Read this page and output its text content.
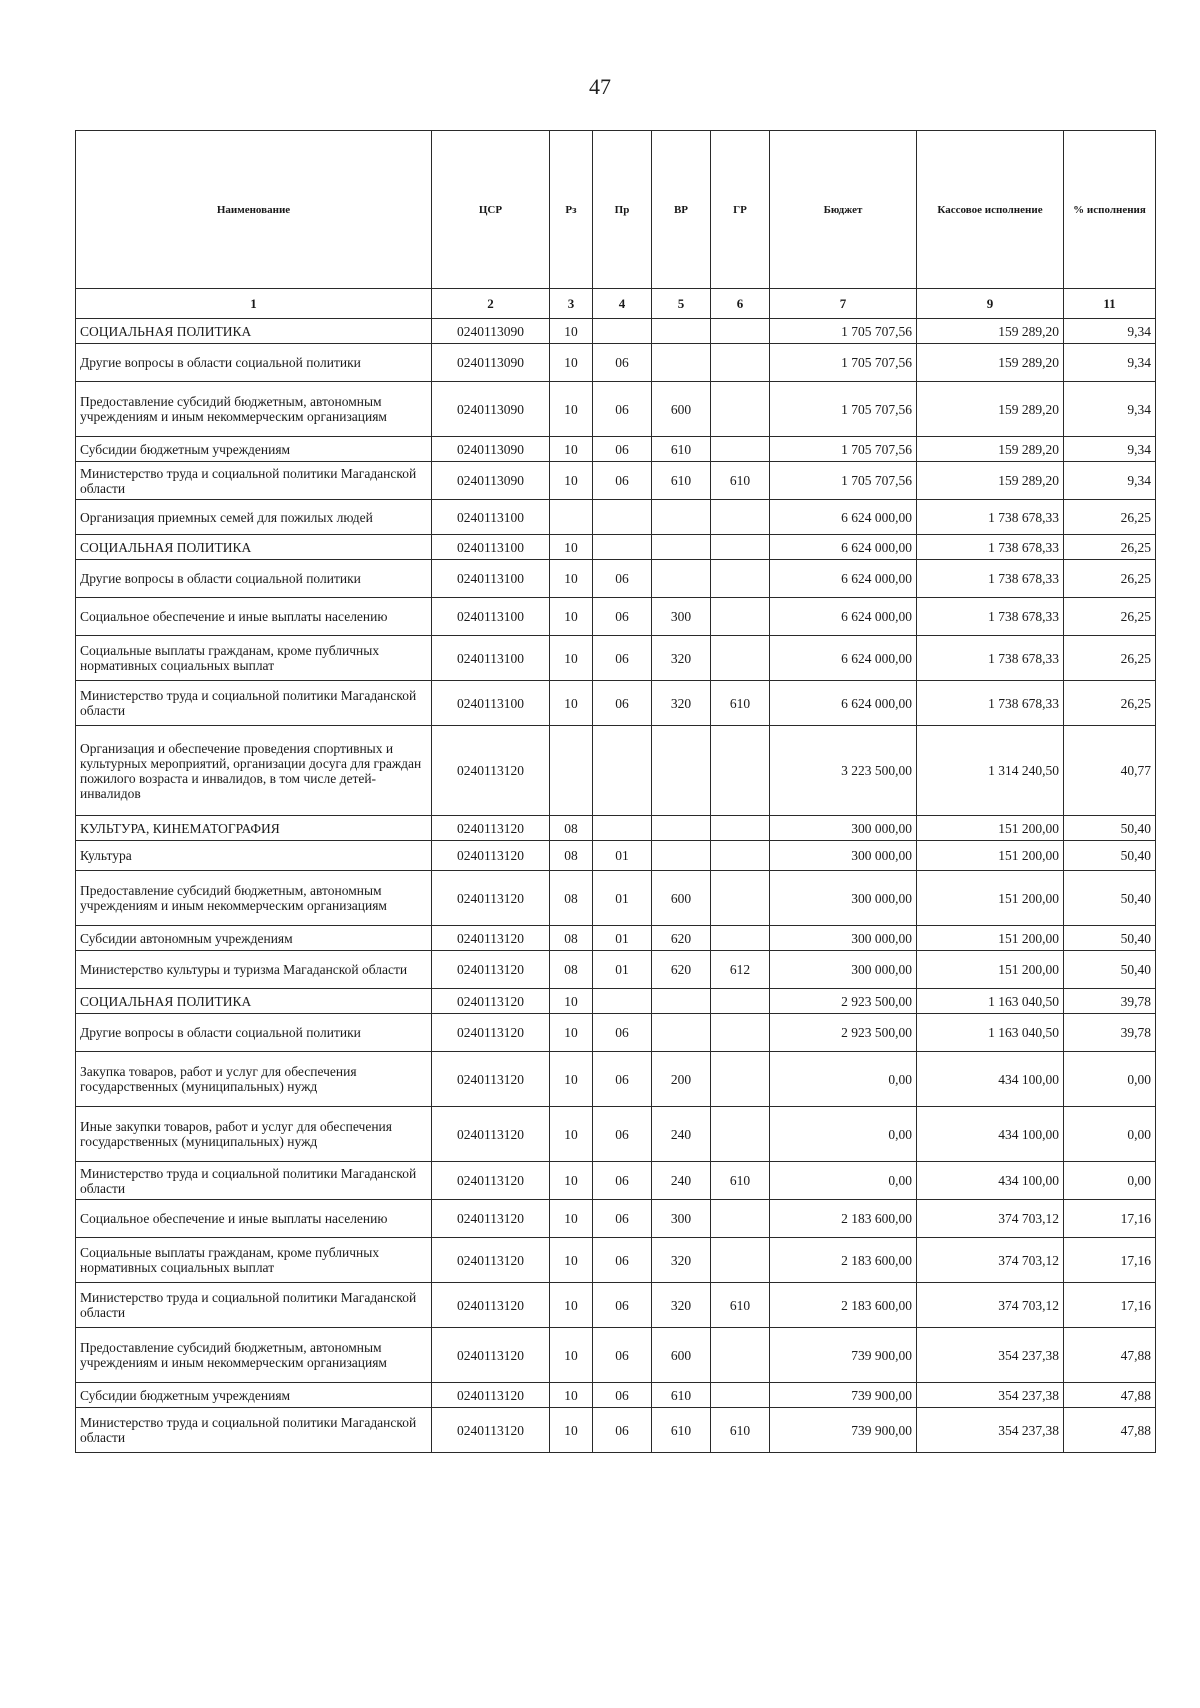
47
Наименование	ЦСР	Рз	Пр	ВР	ГР	Бюджет	Кассовое исполнение	% исполнения
1	2	3	4	5	6	7	9	11
СОЦИАЛЬНАЯ ПОЛИТИКА	0240113090	10				1 705 707,56	159 289,20	9,34
Другие вопросы в области социальной политики	0240113090	10	06			1 705 707,56	159 289,20	9,34
Предоставление субсидий бюджетным, автономным учреждениям и иным некоммерческим организациям	0240113090	10	06	600		1 705 707,56	159 289,20	9,34
Субсидии бюджетным учреждениям	0240113090	10	06	610		1 705 707,56	159 289,20	9,34
Министерство труда и социальной политики Магаданской области	0240113090	10	06	610	610	1 705 707,56	159 289,20	9,34
Организация приемных семей для пожилых людей	0240113100					6 624 000,00	1 738 678,33	26,25
СОЦИАЛЬНАЯ ПОЛИТИКА	0240113100	10				6 624 000,00	1 738 678,33	26,25
Другие вопросы в области социальной политики	0240113100	10	06			6 624 000,00	1 738 678,33	26,25
Социальное обеспечение и иные выплаты населению	0240113100	10	06	300		6 624 000,00	1 738 678,33	26,25
Социальные выплаты гражданам, кроме публичных нормативных социальных выплат	0240113100	10	06	320		6 624 000,00	1 738 678,33	26,25
Министерство труда и социальной политики Магаданской области	0240113100	10	06	320	610	6 624 000,00	1 738 678,33	26,25
Организация и обеспечение проведения спортивных и культурных мероприятий, организации досуга для граждан пожилого возраста и инвалидов, в том числе детей-инвалидов	0240113120					3 223 500,00	1 314 240,50	40,77
КУЛЬТУРА, КИНЕМАТОГРАФИЯ	0240113120	08				300 000,00	151 200,00	50,40
Культура	0240113120	08	01			300 000,00	151 200,00	50,40
Предоставление субсидий бюджетным, автономным учреждениям и иным некоммерческим организациям	0240113120	08	01	600		300 000,00	151 200,00	50,40
Субсидии автономным учреждениям	0240113120	08	01	620		300 000,00	151 200,00	50,40
Министерство культуры и туризма Магаданской области	0240113120	08	01	620	612	300 000,00	151 200,00	50,40
СОЦИАЛЬНАЯ ПОЛИТИКА	0240113120	10				2 923 500,00	1 163 040,50	39,78
Другие вопросы в области социальной политики	0240113120	10	06			2 923 500,00	1 163 040,50	39,78
Закупка товаров, работ и услуг для обеспечения государственных (муниципальных) нужд	0240113120	10	06	200		0,00	434 100,00	0,00
Иные закупки товаров, работ и услуг для обеспечения государственных (муниципальных) нужд	0240113120	10	06	240		0,00	434 100,00	0,00
Министерство труда и социальной политики Магаданской области	0240113120	10	06	240	610	0,00	434 100,00	0,00
Социальное обеспечение и иные выплаты населению	0240113120	10	06	300		2 183 600,00	374 703,12	17,16
Социальные выплаты гражданам, кроме публичных нормативных социальных выплат	0240113120	10	06	320		2 183 600,00	374 703,12	17,16
Министерство труда и социальной политики Магаданской области	0240113120	10	06	320	610	2 183 600,00	374 703,12	17,16
Предоставление субсидий бюджетным, автономным учреждениям и иным некоммерческим организациям	0240113120	10	06	600		739 900,00	354 237,38	47,88
Субсидии бюджетным учреждениям	0240113120	10	06	610		739 900,00	354 237,38	47,88
Министерство труда и социальной политики Магаданской области	0240113120	10	06	610	610	739 900,00	354 237,38	47,88
